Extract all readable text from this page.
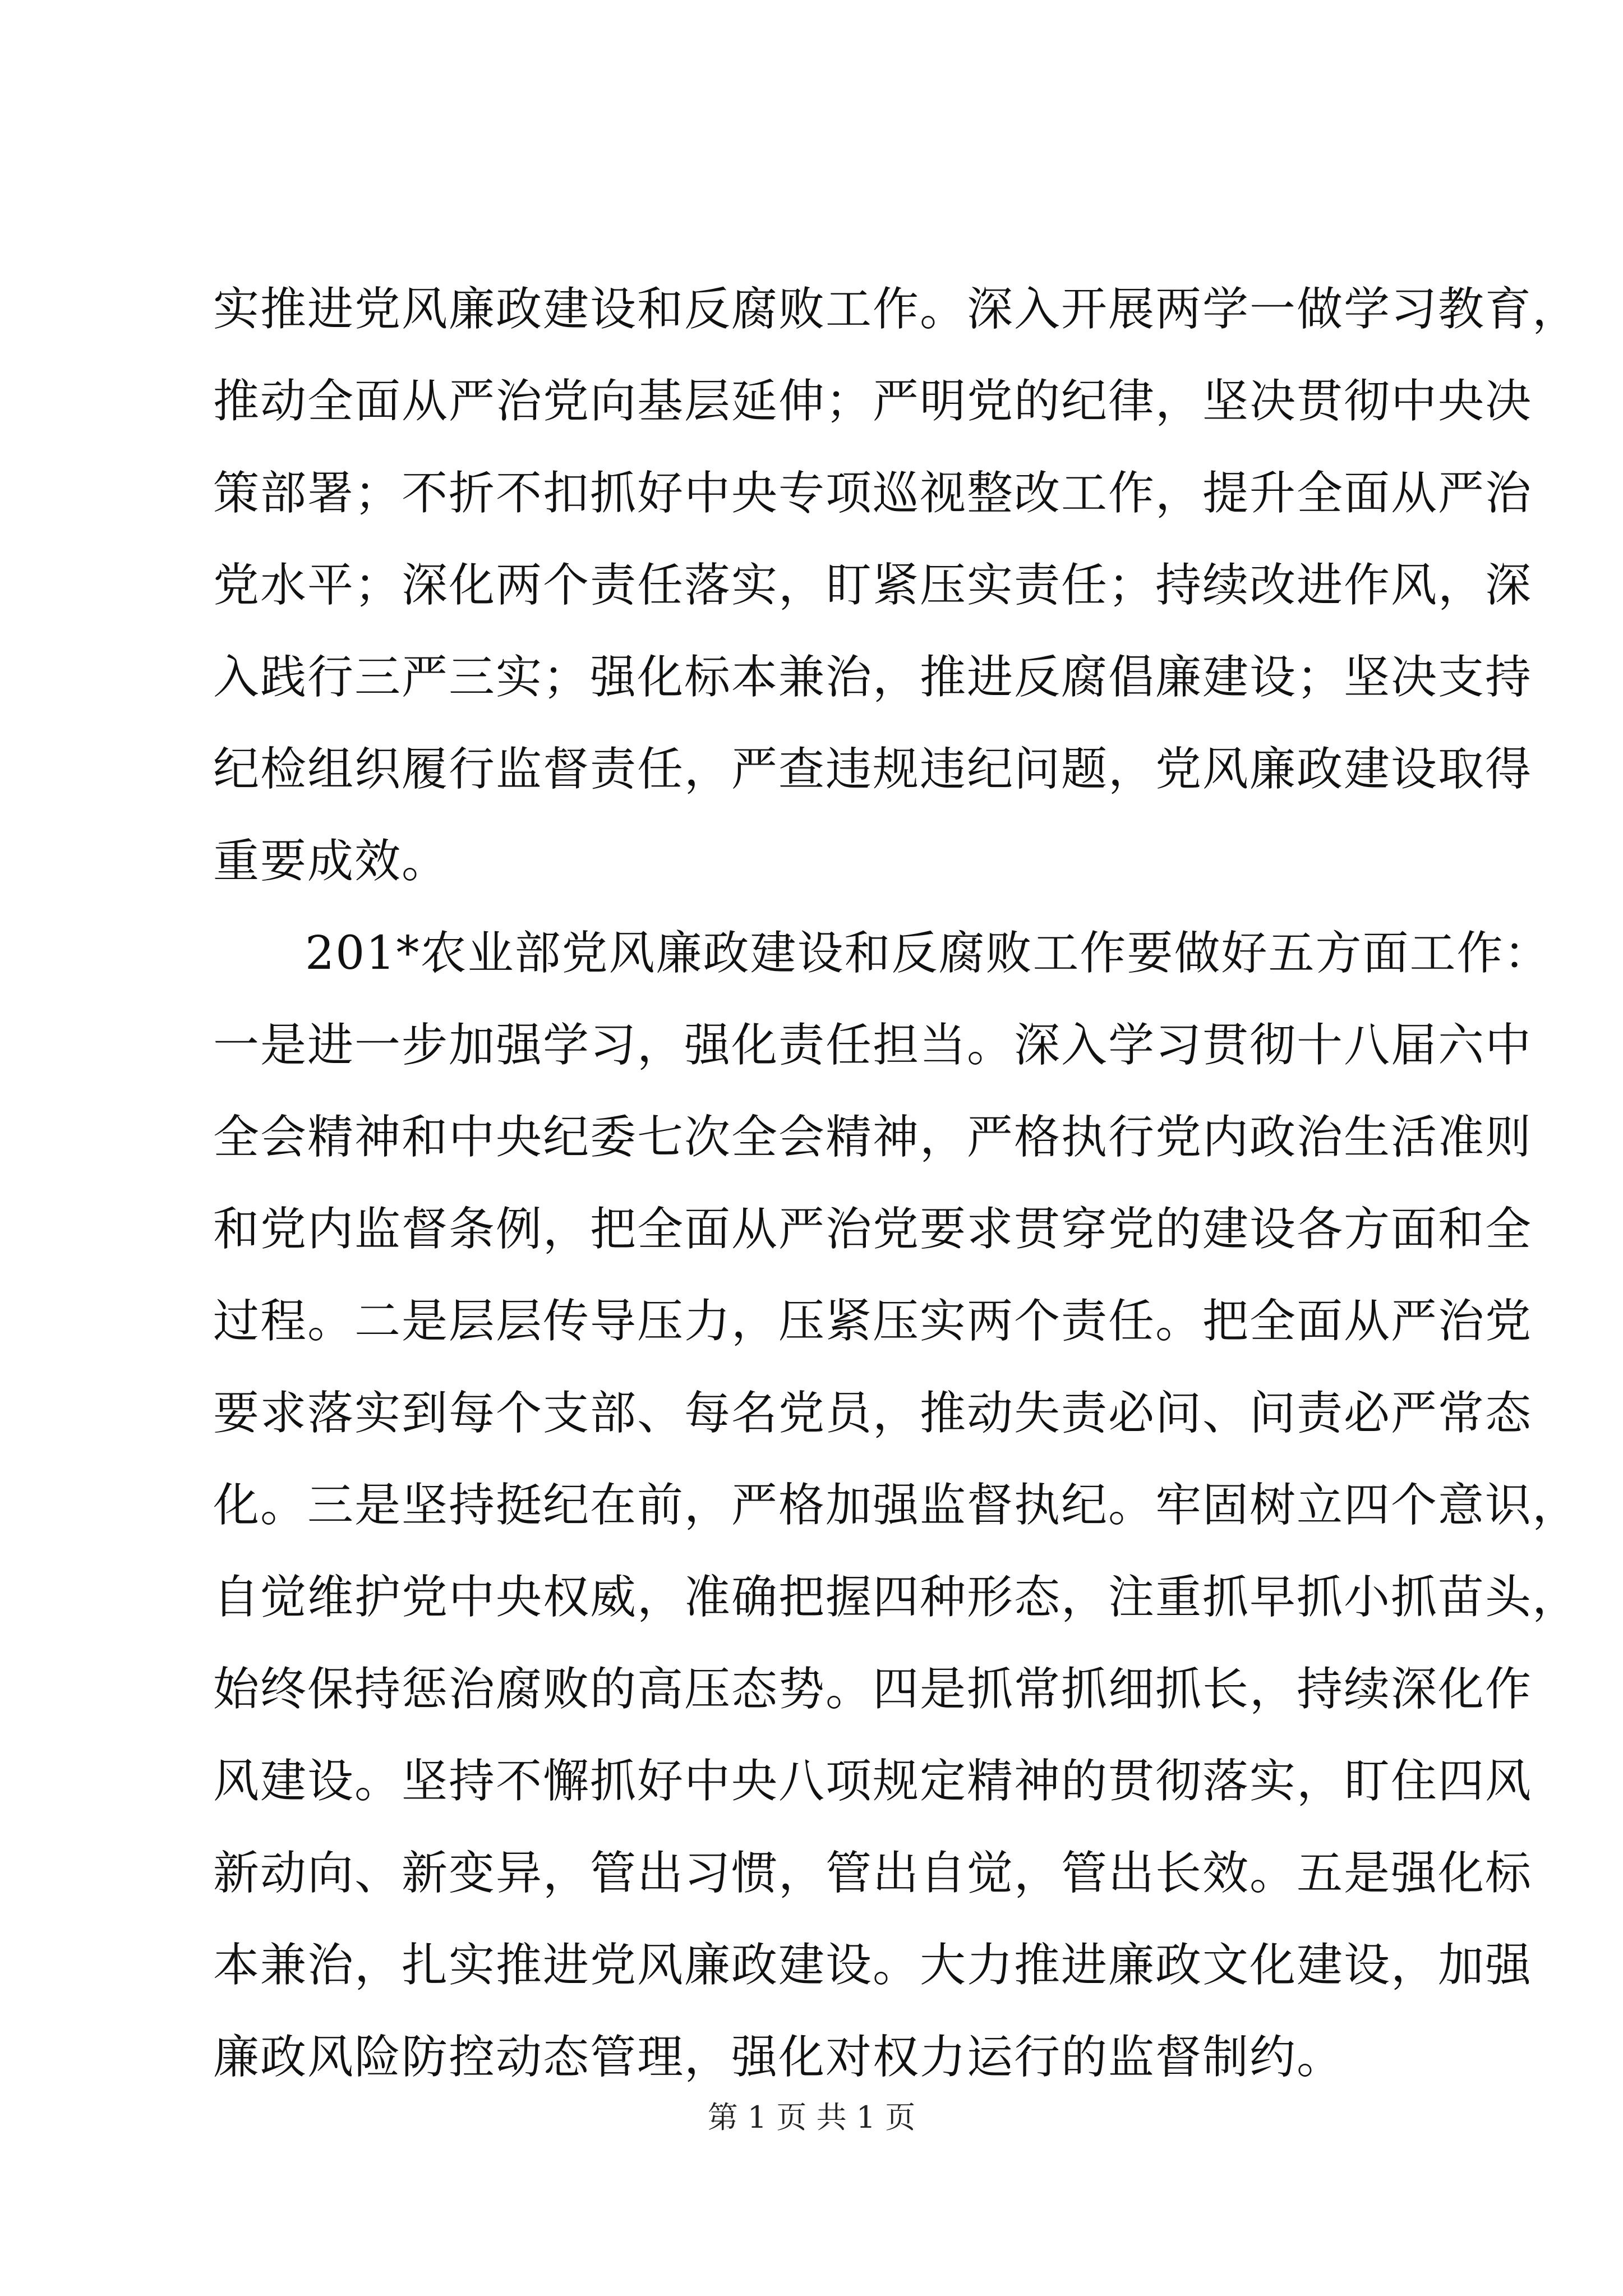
实推进党风廉政建设和反腐败工作。深入开展两学一做学习教育，
推动全面从严治党向基层延伸；严明党的纪律，坚决贯彻中央决
策部署；不折不扣抓好中央专项巡视整改工作，提升全面从严治
党水平；深化两个责任落实，盯紧压实责任；持续改进作风，深
入践行三严三实；强化标本兼治，推进反腐倡廉建设；坚决支持
纪检组织履行监督责任，严查违规违纪问题，党风廉政建设取得
重要成效。
201*农业部党风廉政建设和反腐败工作要做好五方面工作：
一是进一步加强学习，强化责任担当。深入学习贯彻十八届六中
全会精神和中央纪委七次全会精神，严格执行党内政治生活准则
和党内监督条例，把全面从严治党要求贯穿党的建设各方面和全
过程。二是层层传导压力，压紧压实两个责任。把全面从严治党
要求落实到每个支部、每名党员，推动失责必问、问责必严常态
化。三是坚持挺纪在前，严格加强监督执纪。牢固树立四个意识，
自觉维护党中央权威，准确把握四种形态，注重抓早抓小抓苗头，
始终保持惩治腐败的高压态势。四是抓常抓细抓长，持续深化作
风建设。坚持不懈抓好中央八项规定精神的贯彻落实，盯住四风
新动向、新变异，管出习惯，管出自觉，管出长效。五是强化标
本兼治，扎实推进党风廉政建设。大力推进廉政文化建设，加强
廉政风险防控动态管理，强化对权力运行的监督制约。
第 1 页 共 1 页
